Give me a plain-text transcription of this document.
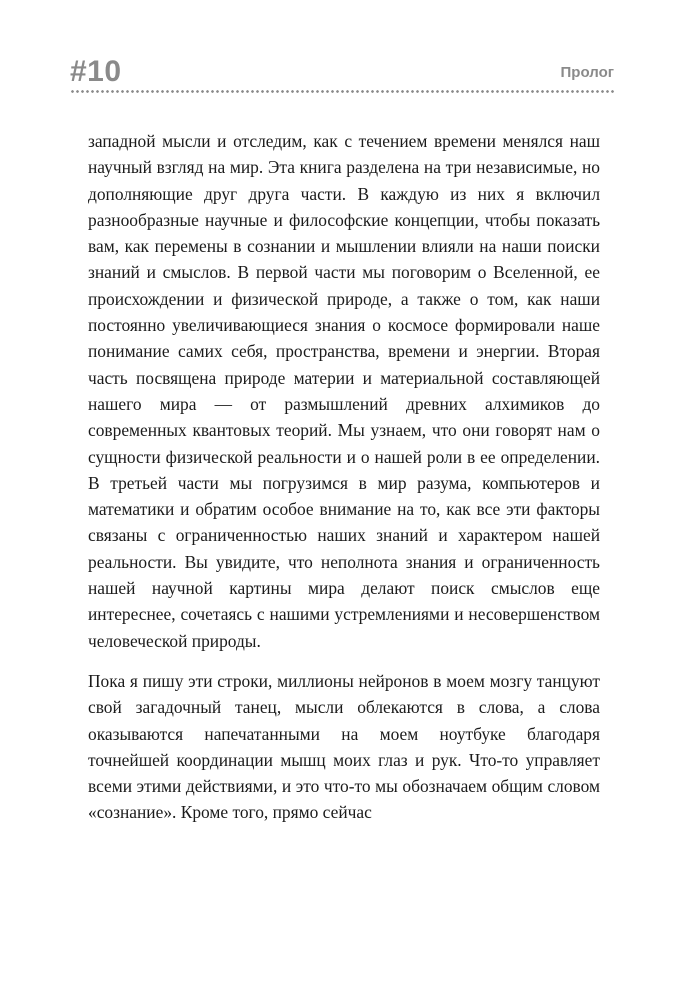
#10	Пролог

западной мысли и отследим, как с течением времени менялся наш научный взгляд на мир. Эта книга разделена на три независимые, но дополняющие друг друга части. В каждую из них я включил разнообразные научные и философские концепции, чтобы показать вам, как перемены в сознании и мышлении влияли на наши поиски знаний и смыслов. В первой части мы поговорим о Вселенной, ее происхождении и физической природе, а также о том, как наши постоянно увеличивающиеся знания о космосе формировали наше понимание самих себя, пространства, времени и энергии. Вторая часть посвящена природе материи и материальной составляющей нашего мира — от размышлений древних алхимиков до современных квантовых теорий. Мы узнаем, что они говорят нам о сущности физической реальности и о нашей роли в ее определении. В третьей части мы погрузимся в мир разума, компьютеров и математики и обратим особое внимание на то, как все эти факторы связаны с ограниченностью наших знаний и характером нашей реальности. Вы увидите, что неполнота знания и ограниченность нашей научной картины мира делают поиск смыслов еще интереснее, сочетаясь с нашими устремлениями и несовершенством человеческой природы.

Пока я пишу эти строки, миллионы нейронов в моем мозгу танцуют свой загадочный танец, мысли облекаются в слова, а слова оказываются напечатанными на моем ноутбуке благодаря точнейшей координации мышц моих глаз и рук. Что-то управляет всеми этими действиями, и это что-то мы обозначаем общим словом «сознание». Кроме того, прямо сейчас
